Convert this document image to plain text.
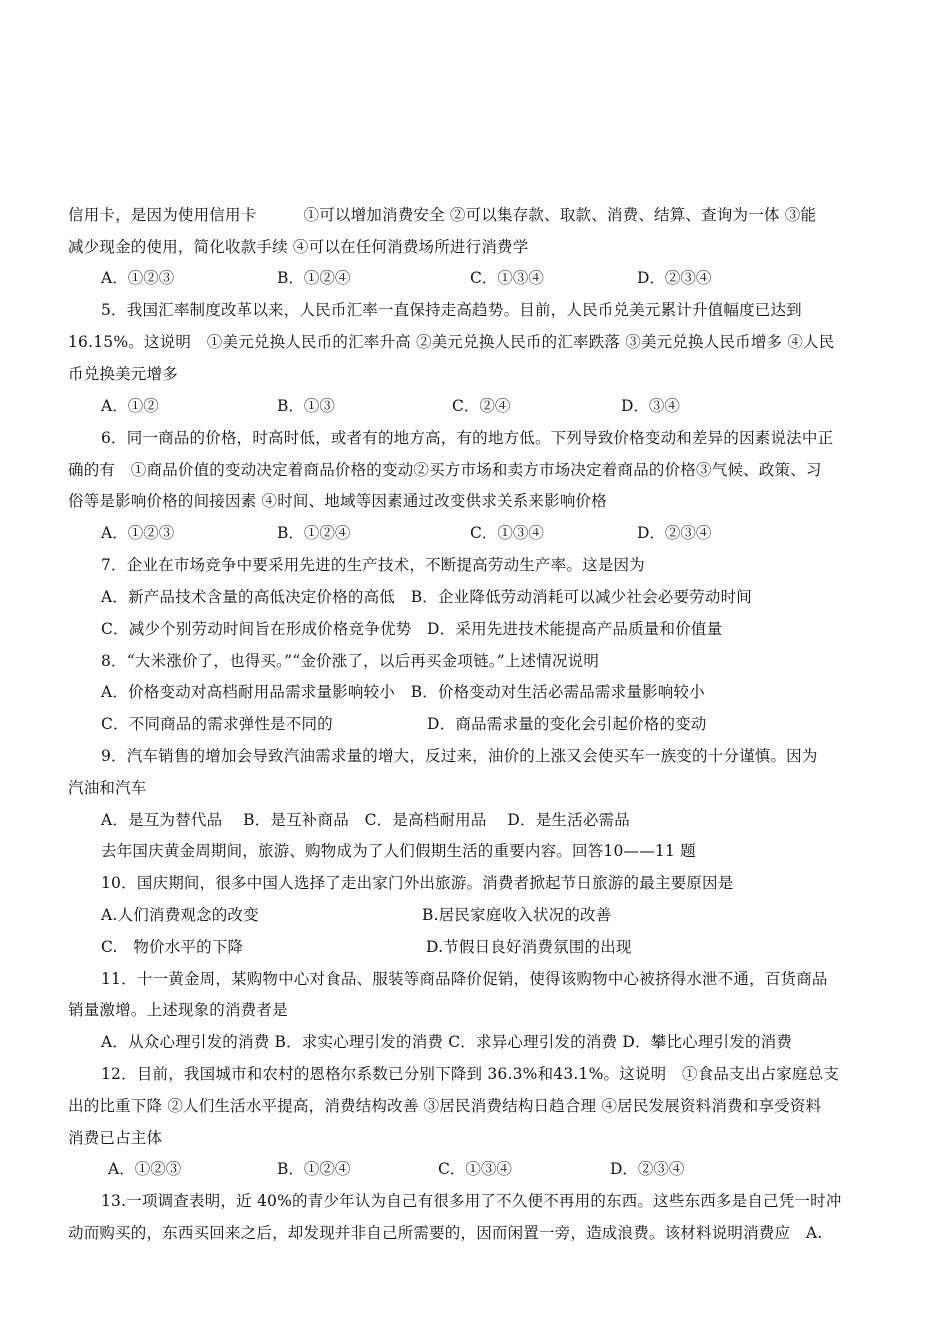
信用卡，是因为使用信用卡　　　①可以增加消费安全 ②可以集存款、取款、消费、结算、查询为一体 ③能
减少现金的使用，简化收款手续 ④可以在任何消费场所进行消费学
A．①②③	B．①②④	C．①③④	D．②③④
5．我国汇率制度改革以来，人民币汇率一直保持走高趋势。目前，人民币兑美元累计升值幅度已达到
16.15%。这说明　①美元兑换人民币的汇率升高 ②美元兑换人民币的汇率跌落 ③美元兑换人民币增多 ④人民
币兑换美元增多
A．①②	B．①③	C．②④	D．③④
6．同一商品的价格，时高时低，或者有的地方高，有的地方低。下列导致价格变动和差异的因素说法中正
确的有　①商品价值的变动决定着商品价格的变动②买方市场和卖方市场决定着商品的价格③气候、政策、习
俗等是影响价格的间接因素 ④时间、地域等因素通过改变供求关系来影响价格
A．①②③	B．①②④	C．①③④	D．②③④
7．企业在市场竞争中要采用先进的生产技术，不断提高劳动生产率。这是因为
A．新产品技术含量的高低决定价格的高低　B．企业降低劳动消耗可以减少社会必要劳动时间
C．减少个别劳动时间旨在形成价格竞争优势　D．采用先进技术能提高产品质量和价值量
8．“大米涨价了，也得买。”“金价涨了，以后再买金项链。”上述情况说明
A．价格变动对高档耐用品需求量影响较小　B．价格变动对生活必需品需求量影响较小
C．不同商品的需求弹性是不同的　　　　　　D．商品需求量的变化会引起价格的变动
9．汽车销售的增加会导致汽油需求量的增大，反过来，油价的上涨又会使买车一族变的十分谨慎。因为
汽油和汽车
A．是互为替代品　 B．是互补商品　C．是高档耐用品　 D．是生活必需品
去年国庆黄金周期间，旅游、购物成为了人们假期生活的重要内容。回答10——11 题
10．国庆期间，很多中国人选择了走出家门外出旅游。消费者掀起节日旅游的最主要原因是
A.人们消费观念的改变	B.居民家庭收入状况的改善
C.　物价水平的下降	D.节假日良好消费氛围的出现
11．十一黄金周，某购物中心对食品、服装等商品降价促销，使得该购物中心被挤得水泄不通，百货商品
销量激增。上述现象的消费者是
A．从众心理引发的消费 B．求实心理引发的消费 C．求异心理引发的消费 D．攀比心理引发的消费
12．目前，我国城市和农村的恩格尔系数已分别下降到 36.3%和43.1%。这说明　①食品支出占家庭总支
出的比重下降 ②人们生活水平提高，消费结构改善 ③居民消费结构日趋合理 ④居民发展资料消费和享受资料
消费已占主体
A．①②③	B．①②④	C．①③④	D．②③④
13.一项调查表明，近 40%的青少年认为自己有很多用了不久便不再用的东西。这些东西多是自己凭一时冲
动而购买的，东西买回来之后，却发现并非自己所需要的，因而闲置一旁，造成浪费。该材料说明消费应　A.
